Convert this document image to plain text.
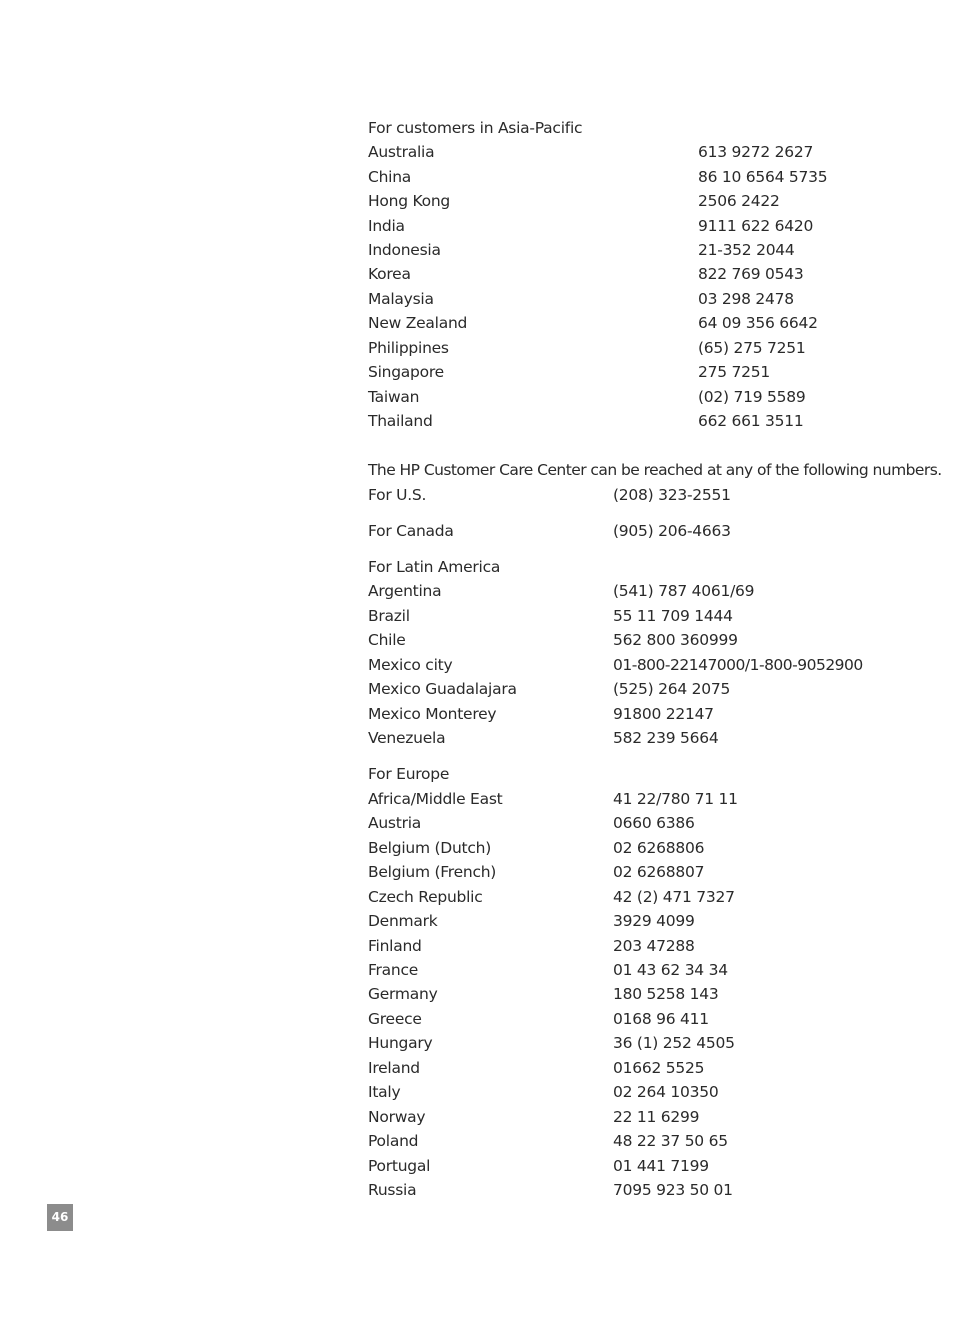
For customers in Asia-Pacific
Australia	613 9272 2627
China	86 10 6564 5735
Hong Kong	2506 2422
India	9111 622 6420
Indonesia	21-352 2044
Korea	822 769 0543
Malaysia	03 298 2478
New Zealand	64 09 356 6642
Philippines	(65) 275 7251
Singapore	275 7251
Taiwan	(02) 719 5589
Thailand	662 661 3511
The HP Customer Care Center can be reached at any of the following numbers.
For U.S.	(208) 323-2551
For Canada	(905) 206-4663
For Latin America
Argentina	(541) 787 4061/69
Brazil	55 11 709 1444
Chile	562 800 360999
Mexico city	01-800-22147000/1-800-9052900
Mexico Guadalajara	(525) 264 2075
Mexico Monterey	91800 22147
Venezuela	582 239 5664
For Europe
Africa/Middle East	41 22/780 71 11
Austria	0660 6386
Belgium (Dutch)	02 6268806
Belgium (French)	02 6268807
Czech Republic	42 (2) 471 7327
Denmark	3929 4099
Finland	203 47288
France	01 43 62 34 34
Germany	180 5258 143
Greece	0168 96 411
Hungary	36 (1) 252 4505
Ireland	01662 5525
Italy	02 264 10350
Norway	22 11 6299
Poland	48 22 37 50 65
Portugal	01 441 7199
Russia	7095 923 50 01
46
